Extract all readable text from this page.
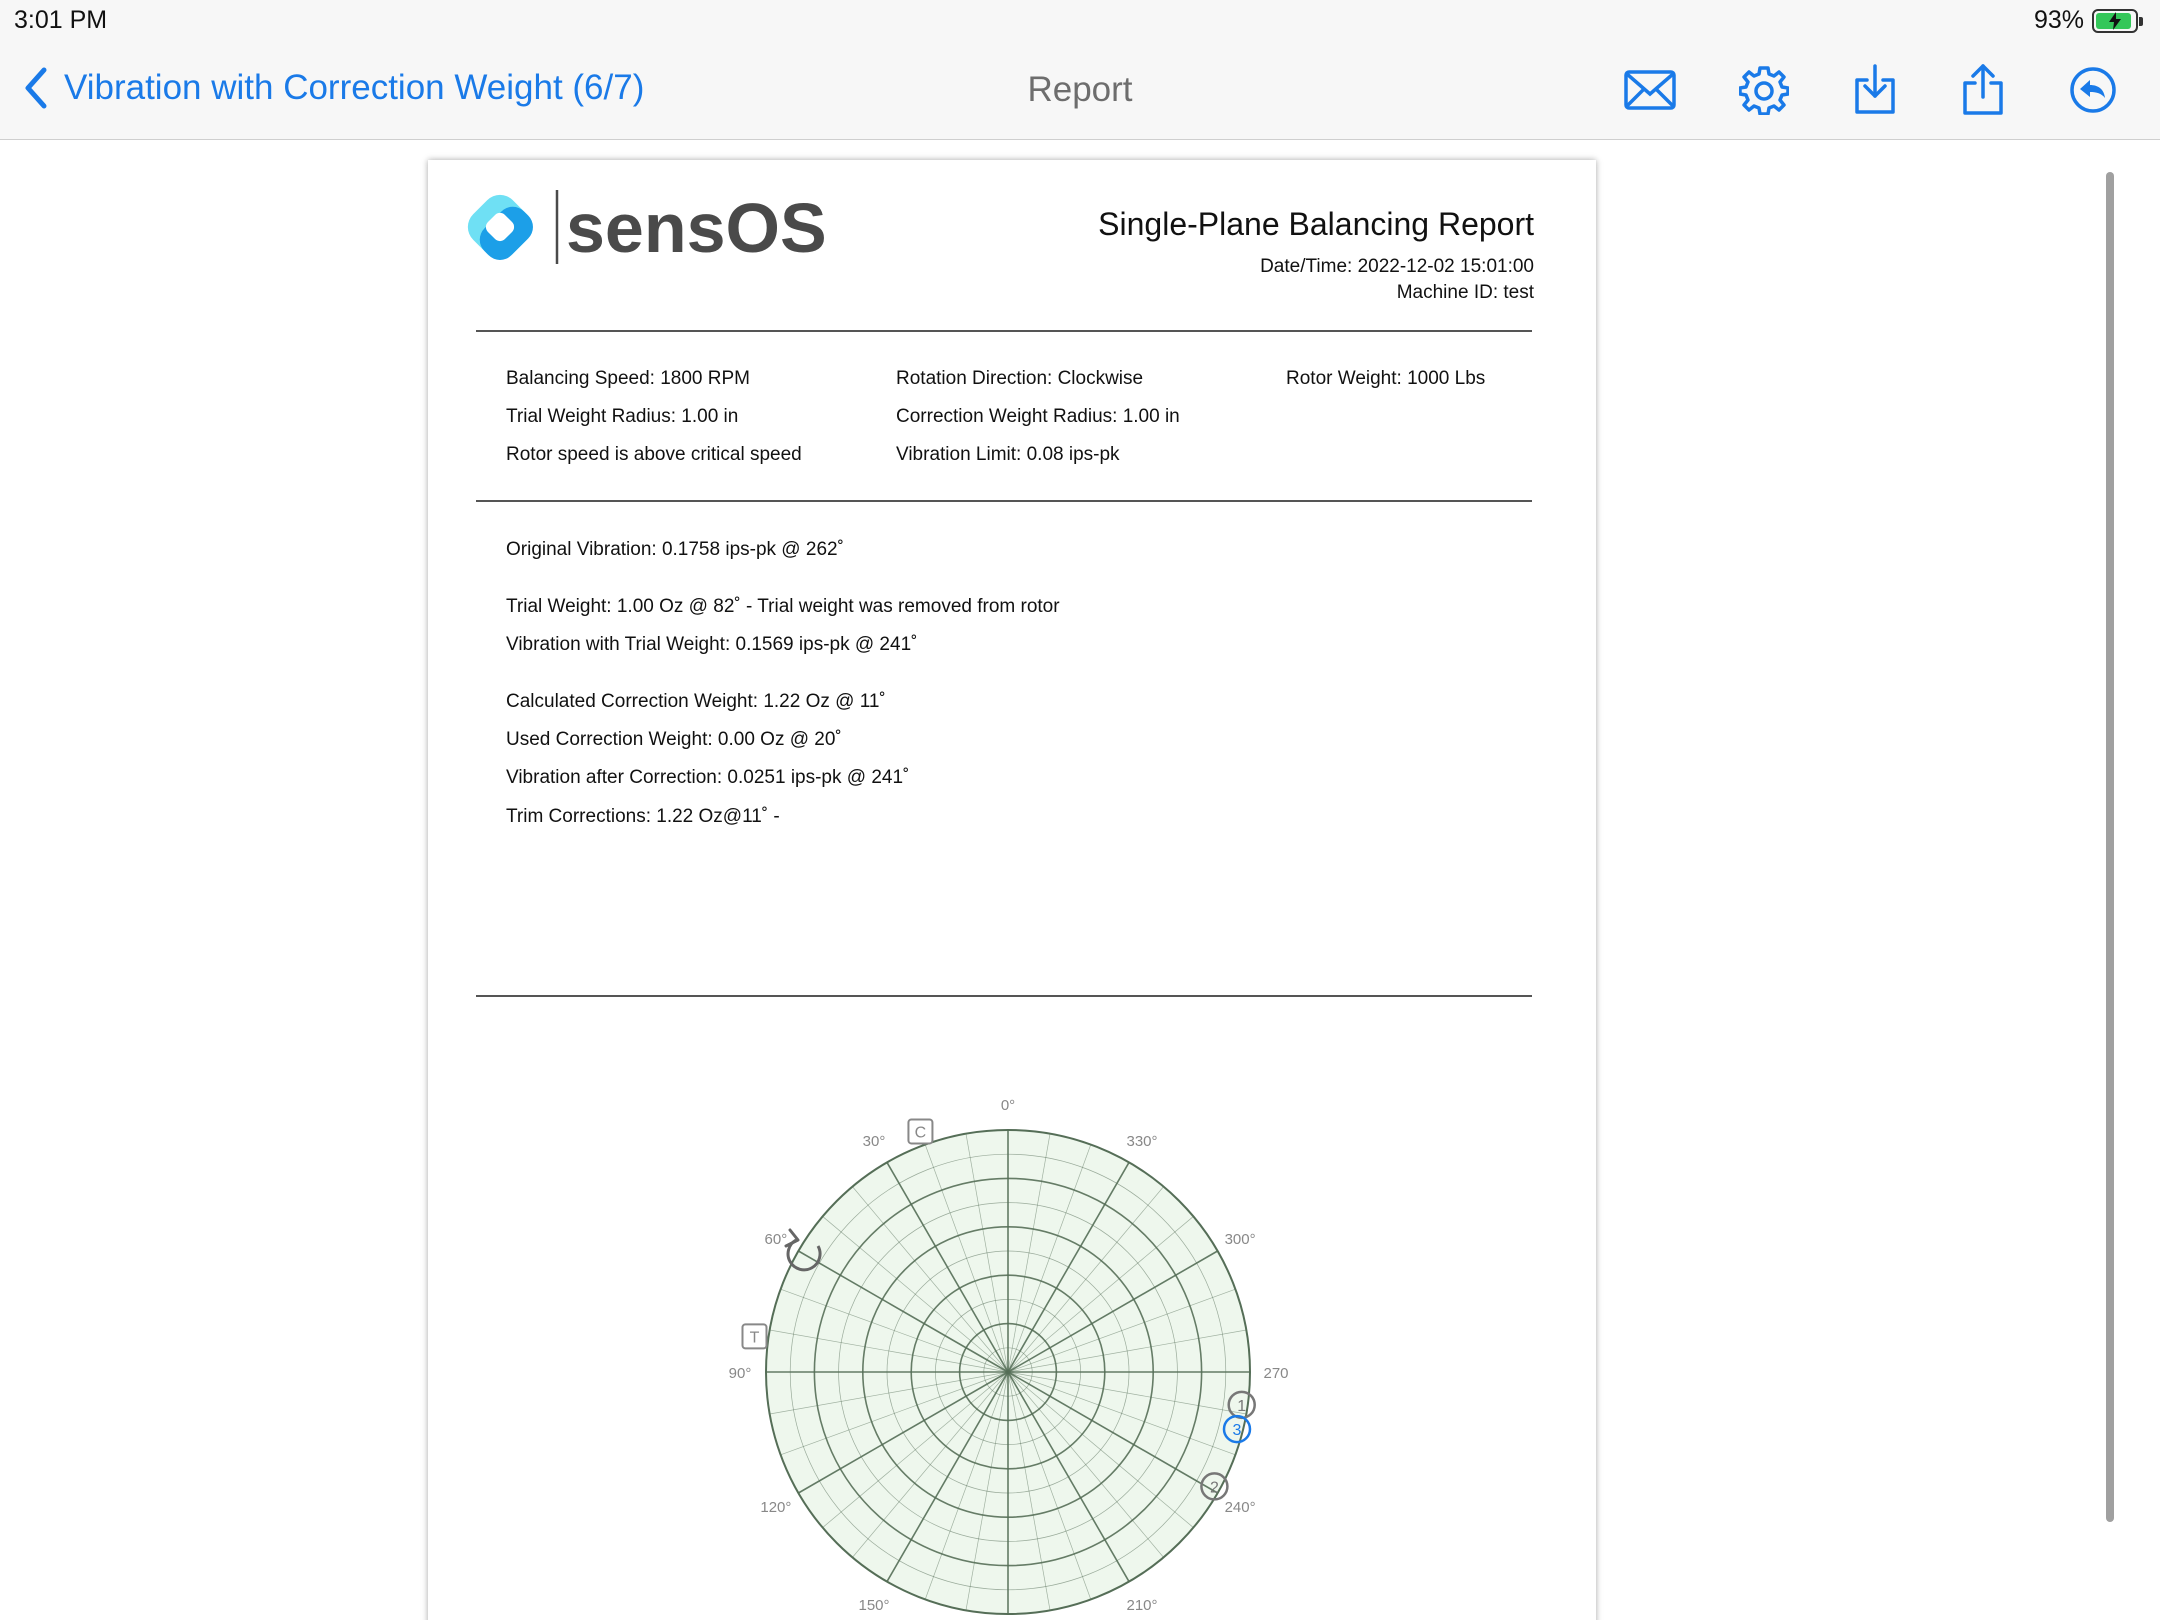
3:01 PM	93%
Vibration with Correction Weight (6/7)	Report
sensOS	Single-Plane Balancing Report
Date/Time: 2022-12-02 15:01:00
Machine ID: test
Balancing Speed: 1800 RPM	Rotation Direction: Clockwise	Rotor Weight: 1000 Lbs
Trial Weight Radius: 1.00 in	Correction Weight Radius: 1.00 in
Rotor speed is above critical speed	Vibration Limit: 0.08 ips-pk
Original Vibration: 0.1758 ips-pk @ 262˚
Trial Weight: 1.00 Oz @ 82˚ - Trial weight was removed from rotor
Vibration with Trial Weight: 0.1569 ips-pk @ 241˚
Calculated Correction Weight: 1.22 Oz @ 11˚
Used Correction Weight: 0.00 Oz @ 20˚
Vibration after Correction: 0.0251 ips-pk @ 241˚
Trim Corrections: 1.22 Oz@11˚ -
0°
30°
60°
90°
120°
150°	210°
240°
270
300°
330°
C
T
1
2
3
